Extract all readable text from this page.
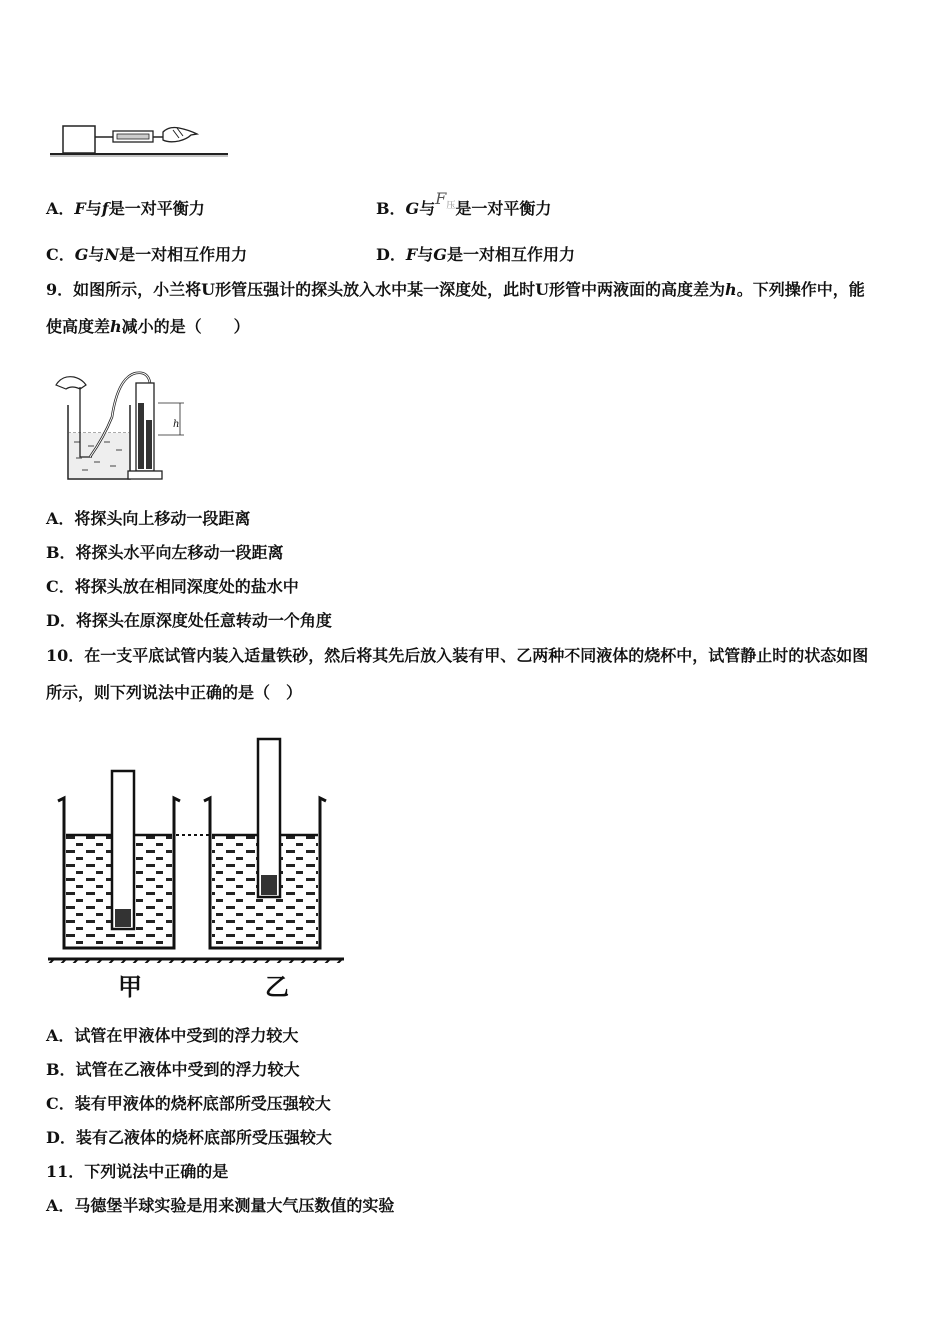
A．F与f是一对平衡力	B．G与$F^压$是一对平衡力
C．G与N是一对相互作用力	D．F与G是一对相互作用力
9．如图所示，小兰将U形管压强计的探头放入水中某一深度处，此时U形管中两液面的高度差为h。下列操作中，能
使高度差h减小的是（　　）
h
A．将探头向上移动一段距离
B．将探头水平向左移动一段距离
C．将探头放在相同深度处的盐水中
D．将探头在原深度处任意转动一个角度
10．在一支平底试管内装入适量铁砂，然后将其先后放入装有甲、乙两种不同液体的烧杯中，试管静止时的状态如图
所示，则下列说法中正确的是（　）
甲	乙
A．试管在甲液体中受到的浮力较大
B．试管在乙液体中受到的浮力较大
C．装有甲液体的烧杯底部所受压强较大
D．装有乙液体的烧杯底部所受压强较大
11．下列说法中正确的是
A．马德堡半球实验是用来测量大气压数值的实验
